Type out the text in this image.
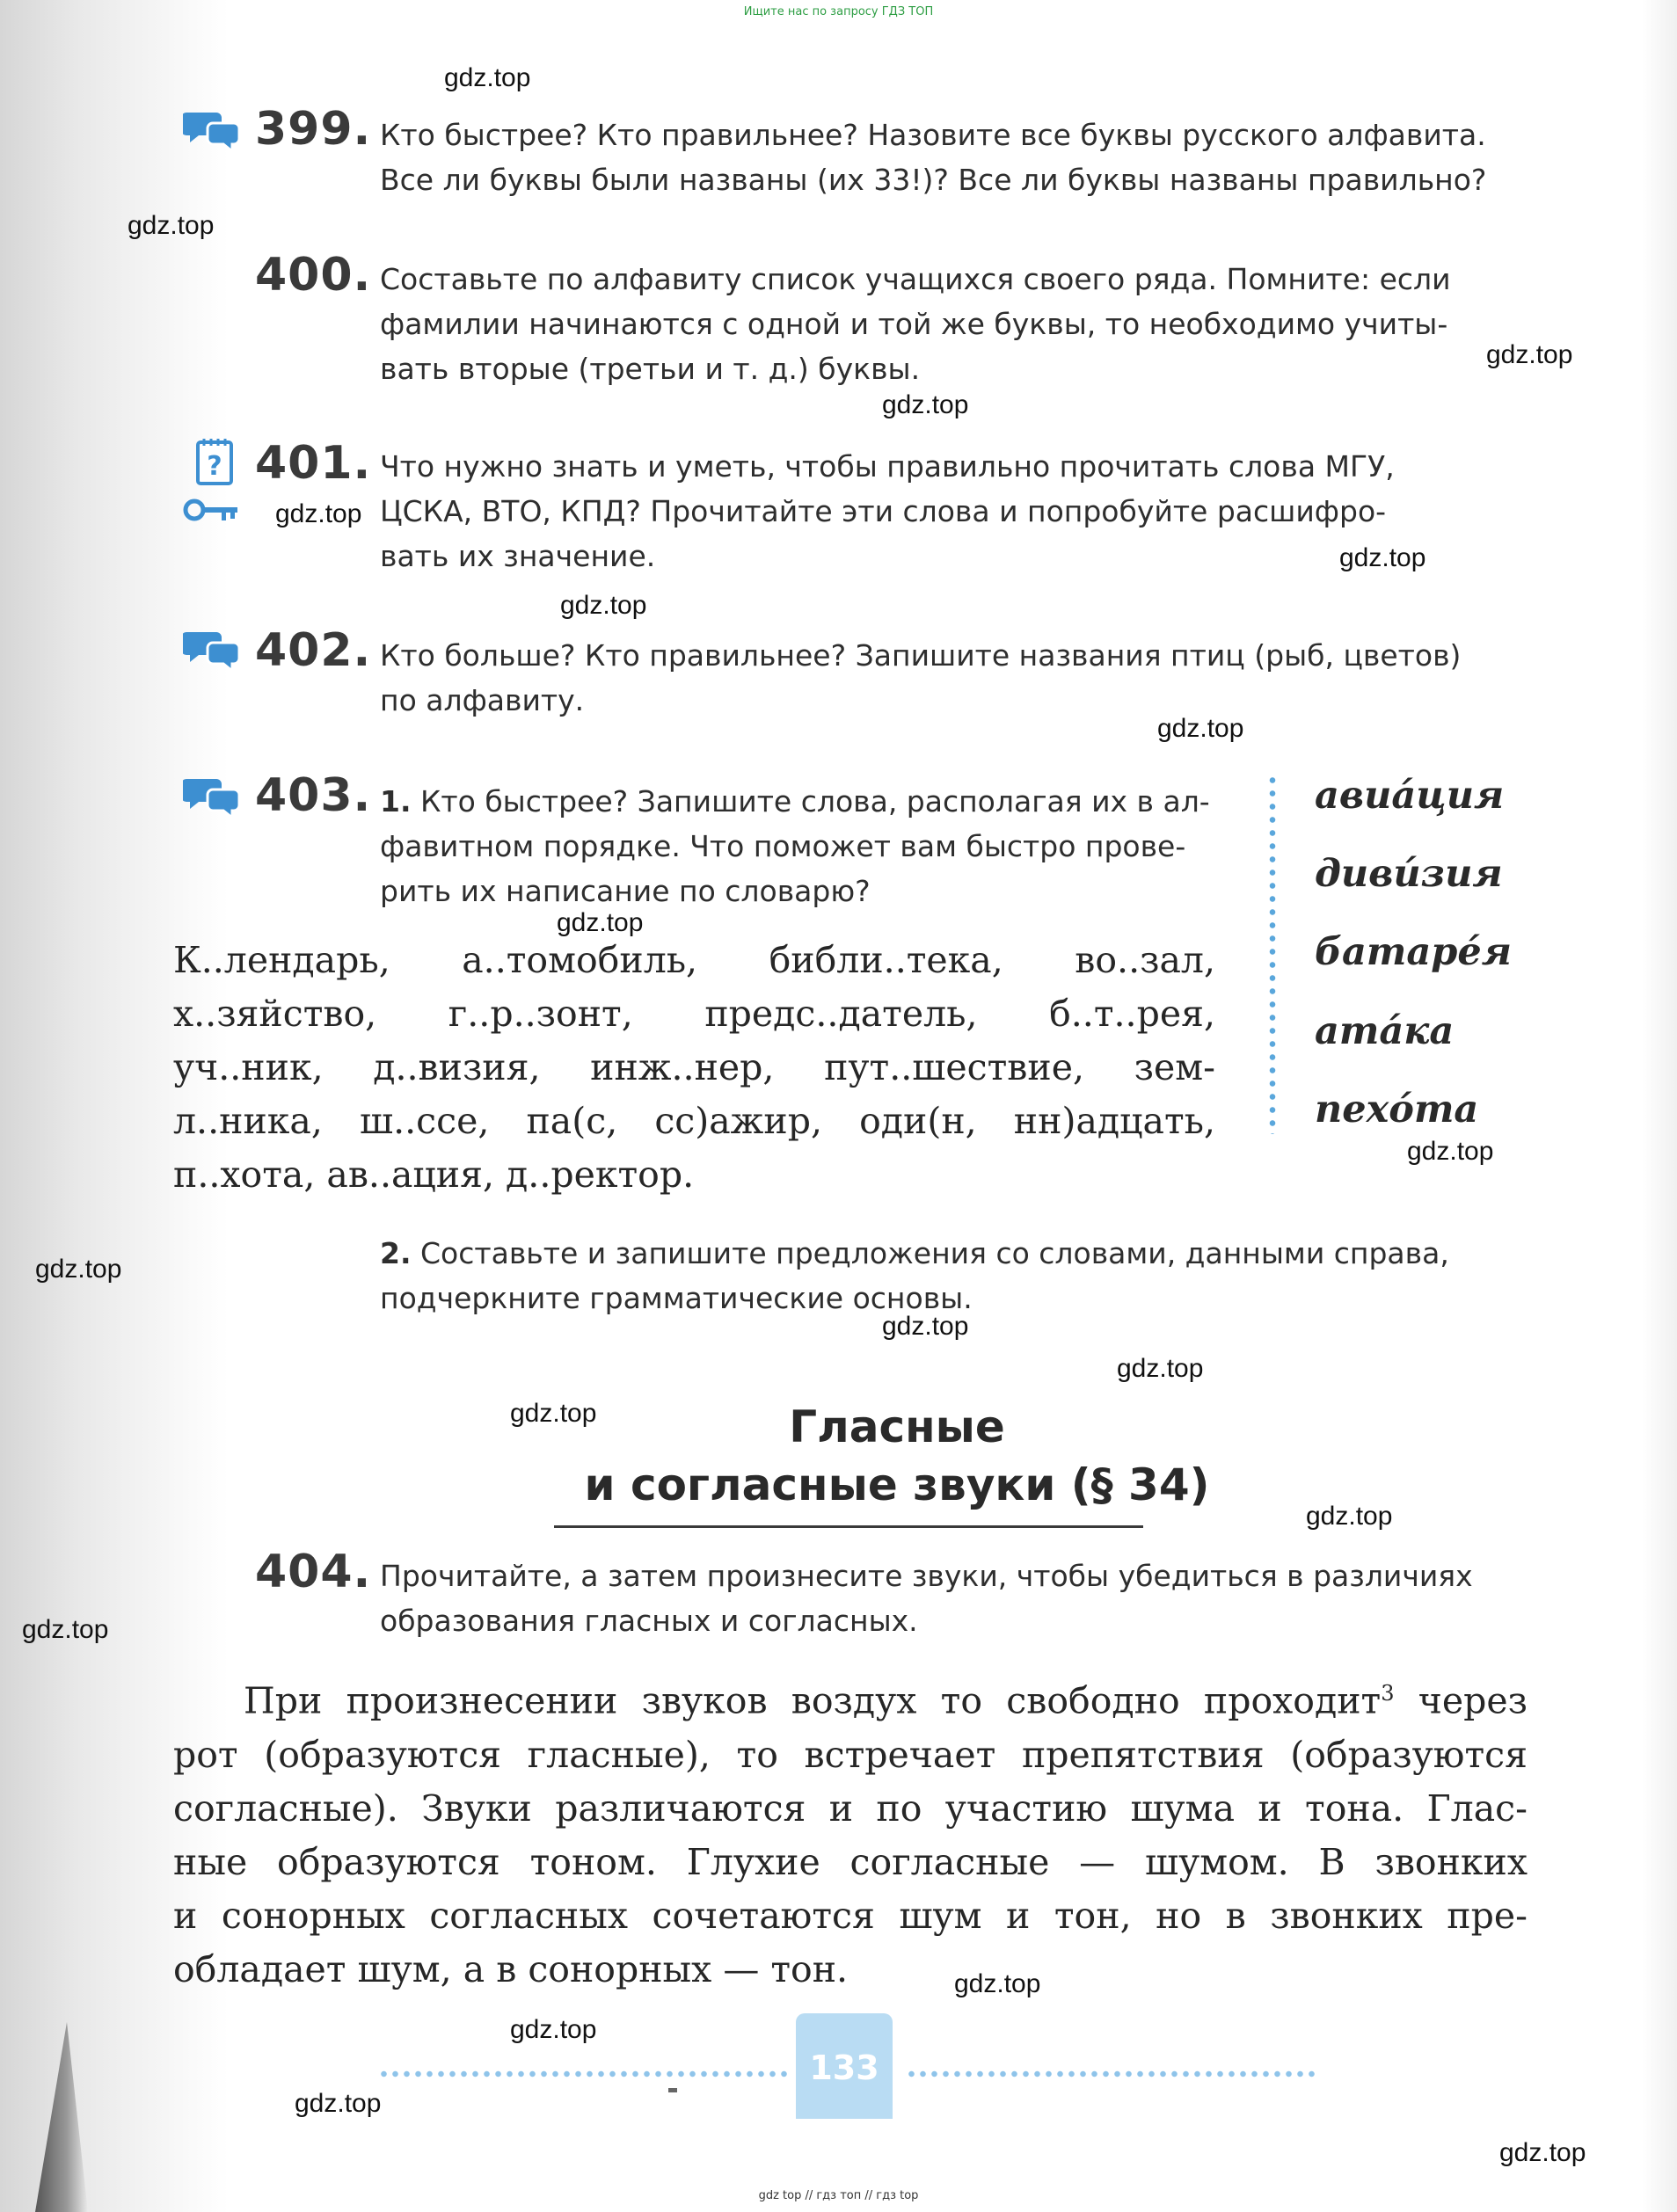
Ищите нас по запросу ГДЗ ТОП
gdz.top
gdz.top
gdz.top
gdz.top
gdz.top
gdz.top
gdz.top
gdz.top
gdz.top
gdz.top
gdz.top
gdz.top
gdz.top
gdz.top
gdz.top
gdz.top
gdz.top
gdz.top
gdz.top
gdz.top
399. Кто быстрее? Кто правильнее? Назовите все буквы русского алфавита.
Все ли буквы были названы (их 33!)? Все ли буквы названы правильно?
400. Составьте по алфавиту список учащихся своего ряда. Помните: если
фамилии начинаются с одной и той же буквы, то необходимо учиты-
вать вторые (третьи и т. д.) буквы.
? 401. Что нужно знать и уметь, чтобы правильно прочитать слова МГУ,
ЦСКА, ВТО, КПД? Прочитайте эти слова и попробуйте расшифро-
вать их значение.
402. Кто больше? Кто правильнее? Запишите названия птиц (рыб, цветов)
по алфавиту.
403. 1. Кто быстрее? Запишите слова, располагая их в ал-
фавитном порядке. Что поможет вам быстро прове-
рить их написание по словарю?
К..лендарь, а..томобиль, библи..тека, во..зал,
х..зяйство, г..р..зонт, предс..датель, б..т..рея,
уч..ник, д..визия, инж..нер, пут..шествие, зем-
л..ника, ш..ссе, па(с, сс)ажир, оди(н, нн)адцать,
п..хота, ав..ация, д..ректор.
авиáция
дивúзия
батарéя
атáка
пехóта
2. Составьте и запишите предложения со словами, данными справа,
подчеркните грамматические основы.
Гласные
и согласные звуки (§ 34)
404. Прочитайте, а затем произнесите звуки, чтобы убедиться в различиях
образования гласных и согласных.
При произнесении звуков воздух то свободно проходит$^3$ через
рот (образуются гласные), то встречает препятствия (образуются
согласные). Звуки различаются и по участию шума и тона. Глас-
ные образуются тоном. Глухие согласные — шумом. В звонких
и сонорных согласных сочетаются шум и тон, но в звонких пре-
обладает шум, а в сонорных — тон.
133
gdz top // гдз топ // гдз top
